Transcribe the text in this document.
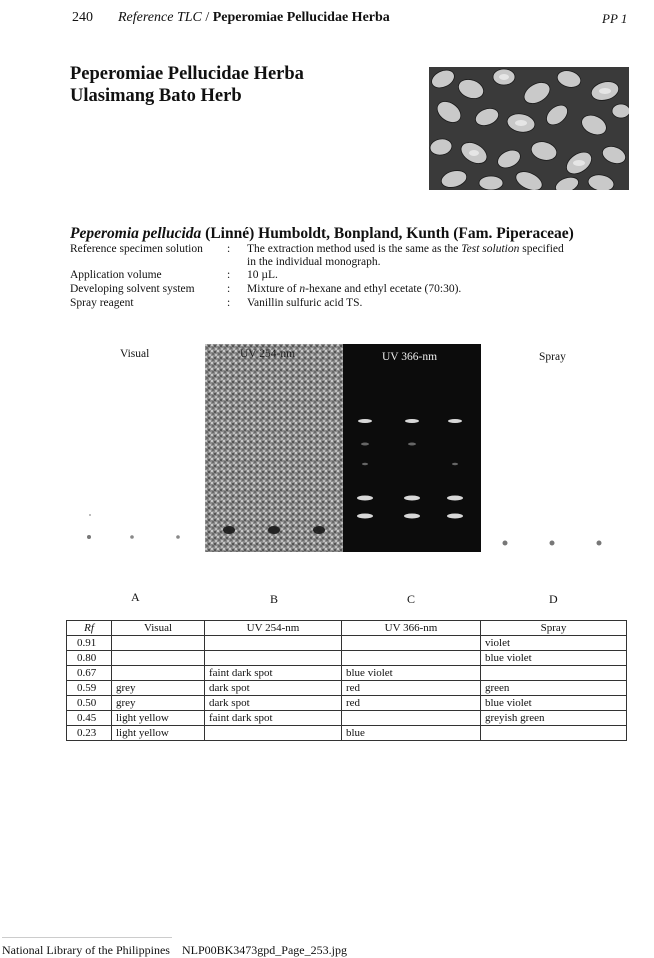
240 Reference TLC / Peperomiae Pellucidae Herba	PP 1
Peperomiae Pellucidae Herba
Ulasimang Bato Herb
Peperomia pellucida (Linné) Humboldt, Bonpland, Kunth (Fam. Piperaceae)
Reference specimen solution : The extraction method used is the same as the Test solution specified
in the individual monograph.
Application volume	: 10 µL.
Developing solvent system	: Mixture of n-hexane and ethyl ecetate (70:30).
Spray reagent	: Vanillin sulfuric acid TS.
Visual	UV 254-nm	UV 366-nm	Spray
A	B	C	D
Rf	Visual	UV 254-nm	UV 366-nm	Spray
0.91				violet
0.80				blue violet
0.67		faint dark spot	blue violet	
0.59	grey	dark spot	red	green
0.50	grey	dark spot	red	blue violet
0.45	light yellow	faint dark spot		greyish green
0.23	light yellow		blue	
National Library of the Philippines NLP00BK3473gpd_Page_253.jpg
